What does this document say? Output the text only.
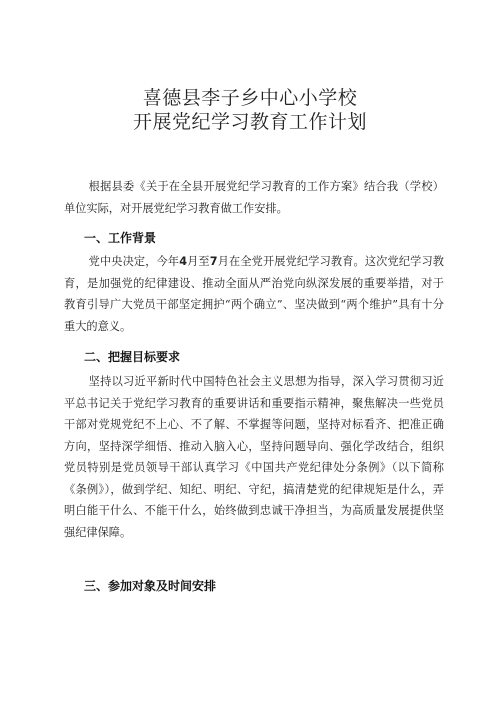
喜德县李子乡中心小学校
开展党纪学习教育工作计划

根据县委《关于在全县开展党纪学习教育的工作方案》结合我（学校）单位实际，对开展党纪学习教育做工作安排。

一、工作背景

党中央决定，今年4月至7月在全党开展党纪学习教育。这次党纪学习教育，是加强党的纪律建设、推动全面从严治党向纵深发展的重要举措，对于教育引导广大党员干部坚定拥护“两个确立”、坚决做到“两个维护”具有十分重大的意义。

二、把握目标要求

坚持以习近平新时代中国特色社会主义思想为指导，深入学习贯彻习近平总书记关于党纪学习教育的重要讲话和重要指示精神，聚焦解决一些党员干部对党规党纪不上心、不了解、不掌握等问题，坚持对标看齐、把准正确方向，坚持深学细悟、推动入脑入心，坚持问题导向、强化学改结合，组织党员特别是党员领导干部认真学习《中国共产党纪律处分条例》（以下简称《条例》），做到学纪、知纪、明纪、守纪，搞清楚党的纪律规矩是什么，弄明白能干什么、不能干什么，始终做到忠诚干净担当，为高质量发展提供坚强纪律保障。

三、参加对象及时间安排
